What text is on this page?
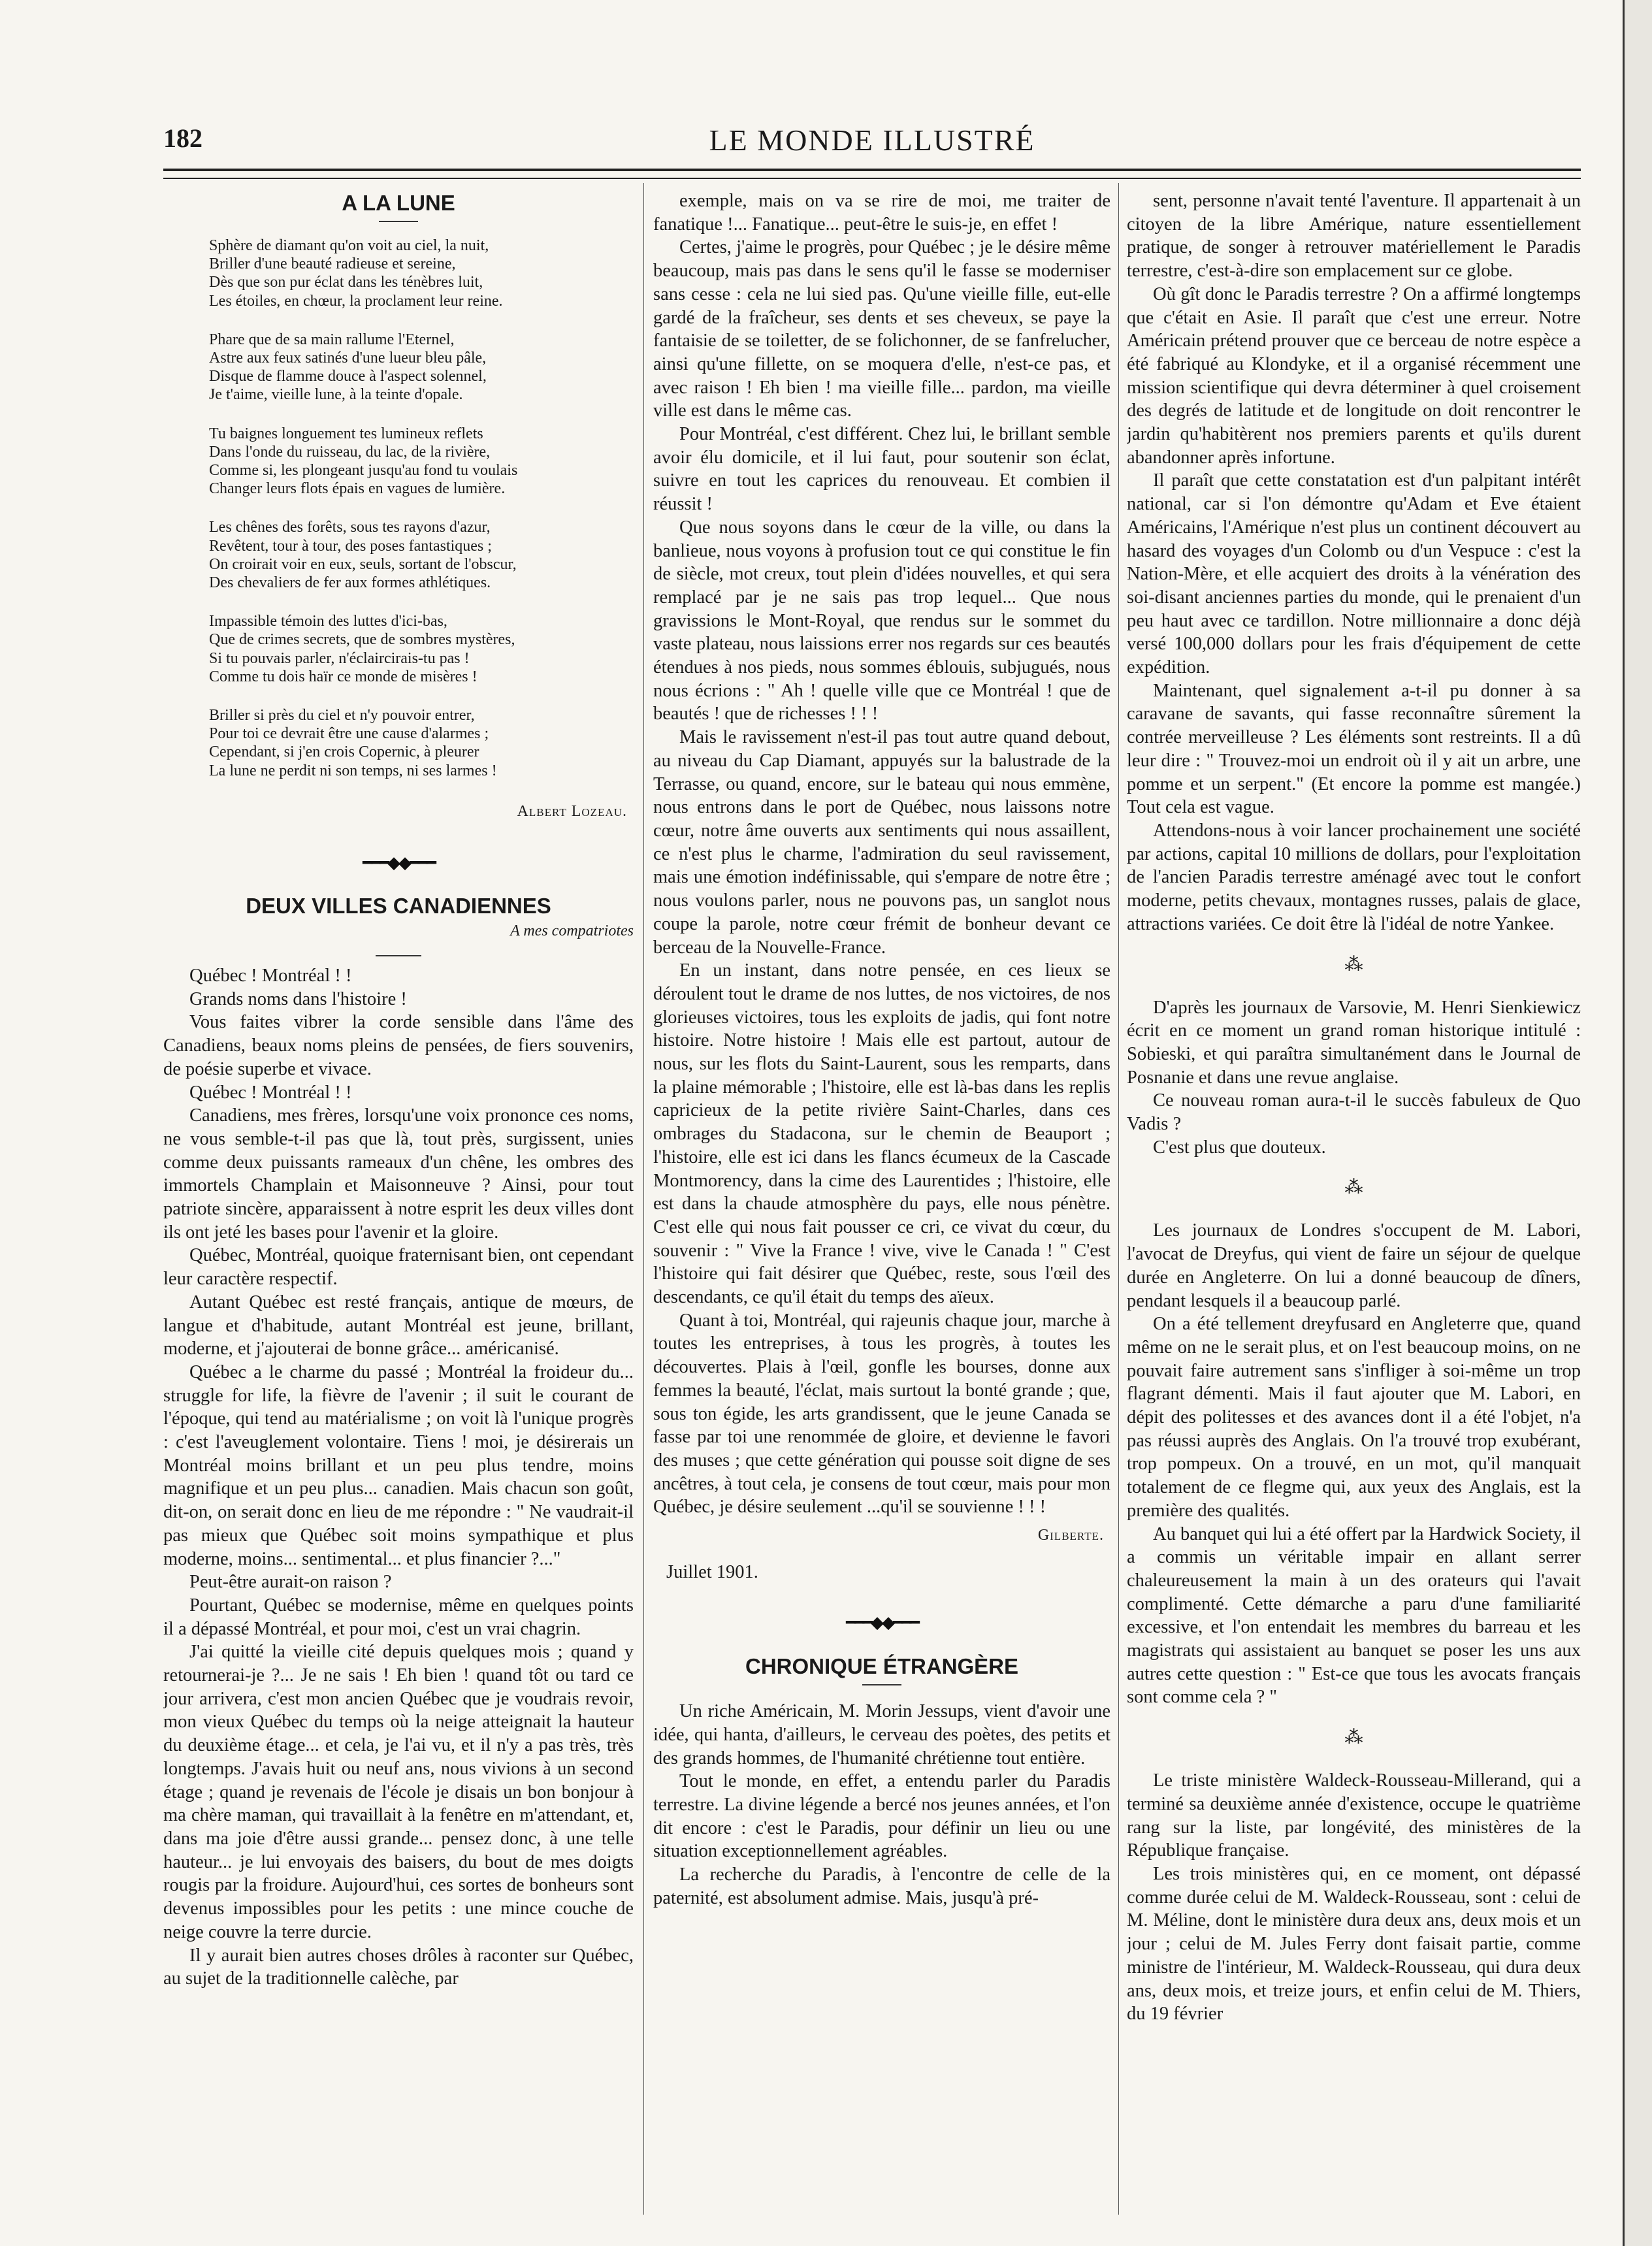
182	LE MONDE ILLUSTRÉ
A LA LUNE
Sphère de diamant qu'on voit au ciel, la nuit,
Briller d'une beauté radieuse et sereine,
Dès que son pur éclat dans les ténèbres luit,
Les étoiles, en chœur, la proclament leur reine.
Phare que de sa main rallume l'Eternel,
Astre aux feux satinés d'une lueur bleu pâle,
Disque de flamme douce à l'aspect solennel,
Je t'aime, vieille lune, à la teinte d'opale.
Tu baignes longuement tes lumineux reflets
Dans l'onde du ruisseau, du lac, de la rivière,
Comme si, les plongeant jusqu'au fond tu voulais
Changer leurs flots épais en vagues de lumière.
Les chênes des forêts, sous tes rayons d'azur,
Revêtent, tour à tour, des poses fantastiques ;
On croirait voir en eux, seuls, sortant de l'obscur,
Des chevaliers de fer aux formes athlétiques.
Impassible témoin des luttes d'ici-bas,
Que de crimes secrets, que de sombres mystères,
Si tu pouvais parler, n'éclaircirais-tu pas !
Comme tu dois haïr ce monde de misères !
Briller si près du ciel et n'y pouvoir entrer,
Pour toi ce devrait être une cause d'alarmes ;
Cependant, si j'en crois Copernic, à pleurer
La lune ne perdit ni son temps, ni ses larmes !
Albert Lozeau.
━━━◆◆━━━
DEUX VILLES CANADIENNES
A mes compatriotes

Québec ! Montréal ! !

Grands noms dans l'histoire !

Vous faites vibrer la corde sensible dans l'âme des Canadiens, beaux noms pleins de pensées, de fiers souvenirs, de poésie superbe et vivace.

Québec ! Montréal ! !

Canadiens, mes frères, lorsqu'une voix prononce ces noms, ne vous semble-t-il pas que là, tout près, surgissent, unies comme deux puissants rameaux d'un chêne, les ombres des immortels Champlain et Maisonneuve ? Ainsi, pour tout patriote sincère, apparaissent à notre esprit les deux villes dont ils ont jeté les bases pour l'avenir et la gloire.

Québec, Montréal, quoique fraternisant bien, ont cependant leur caractère respectif.

Autant Québec est resté français, antique de mœurs, de langue et d'habitude, autant Montréal est jeune, brillant, moderne, et j'ajouterai de bonne grâce... américanisé.

Québec a le charme du passé ; Montréal la froideur du... struggle for life, la fièvre de l'avenir ; il suit le courant de l'époque, qui tend au matérialisme ; on voit là l'unique progrès : c'est l'aveuglement volontaire. Tiens ! moi, je désirerais un Montréal moins brillant et un peu plus tendre, moins magnifique et un peu plus... canadien. Mais chacun son goût, dit-on, on serait donc en lieu de me répondre : " Ne vaudrait-il pas mieux que Québec soit moins sympathique et plus moderne, moins... sentimental... et plus financier ?..."

Peut-être aurait-on raison ?

Pourtant, Québec se modernise, même en quelques points il a dépassé Montréal, et pour moi, c'est un vrai chagrin.

J'ai quitté la vieille cité depuis quelques mois ; quand y retournerai-je ?... Je ne sais ! Eh bien ! quand tôt ou tard ce jour arrivera, c'est mon ancien Québec que je voudrais revoir, mon vieux Québec du temps où la neige atteignait la hauteur du deuxième étage... et cela, je l'ai vu, et il n'y a pas très, très longtemps. J'avais huit ou neuf ans, nous vivions à un second étage ; quand je revenais de l'école je disais un bon bonjour à ma chère maman, qui travaillait à la fenêtre en m'attendant, et, dans ma joie d'être aussi grande... pensez donc, à une telle hauteur... je lui envoyais des baisers, du bout de mes doigts rougis par la froidure. Aujourd'hui, ces sortes de bonheurs sont devenus impossibles pour les petits : une mince couche de neige couvre la terre durcie.

Il y aurait bien autres choses drôles à raconter sur Québec, au sujet de la traditionnelle calèche, par

exemple, mais on va se rire de moi, me traiter de fanatique !... Fanatique... peut-être le suis-je, en effet !

Certes, j'aime le progrès, pour Québec ; je le désire même beaucoup, mais pas dans le sens qu'il le fasse se moderniser sans cesse : cela ne lui sied pas. Qu'une vieille fille, eut-elle gardé de la fraîcheur, ses dents et ses cheveux, se paye la fantaisie de se toiletter, de se folichonner, de se fanfrelucher, ainsi qu'une fillette, on se moquera d'elle, n'est-ce pas, et avec raison ! Eh bien ! ma vieille fille... pardon, ma vieille ville est dans le même cas.

Pour Montréal, c'est différent. Chez lui, le brillant semble avoir élu domicile, et il lui faut, pour soutenir son éclat, suivre en tout les caprices du renouveau. Et combien il réussit !

Que nous soyons dans le cœur de la ville, ou dans la banlieue, nous voyons à profusion tout ce qui constitue le fin de siècle, mot creux, tout plein d'idées nouvelles, et qui sera remplacé par je ne sais pas trop lequel... Que nous gravissions le Mont-Royal, que rendus sur le sommet du vaste plateau, nous laissions errer nos regards sur ces beautés étendues à nos pieds, nous sommes éblouis, subjugués, nous nous écrions : " Ah ! quelle ville que ce Montréal ! que de beautés ! que de richesses ! ! !

Mais le ravissement n'est-il pas tout autre quand debout, au niveau du Cap Diamant, appuyés sur la balustrade de la Terrasse, ou quand, encore, sur le bateau qui nous emmène, nous entrons dans le port de Québec, nous laissons notre cœur, notre âme ouverts aux sentiments qui nous assaillent, ce n'est plus le charme, l'admiration du seul ravissement, mais une émotion indéfinissable, qui s'empare de notre être ; nous voulons parler, nous ne pouvons pas, un sanglot nous coupe la parole, notre cœur frémit de bonheur devant ce berceau de la Nouvelle-France.

En un instant, dans notre pensée, en ces lieux se déroulent tout le drame de nos luttes, de nos victoires, de nos glorieuses victoires, tous les exploits de jadis, qui font notre histoire. Notre histoire ! Mais elle est partout, autour de nous, sur les flots du Saint-Laurent, sous les remparts, dans la plaine mémorable ; l'histoire, elle est là-bas dans les replis capricieux de la petite rivière Saint-Charles, dans ces ombrages du Stadacona, sur le chemin de Beauport ; l'histoire, elle est ici dans les flancs écumeux de la Cascade Montmorency, dans la cime des Laurentides ; l'histoire, elle est dans la chaude atmosphère du pays, elle nous pénètre. C'est elle qui nous fait pousser ce cri, ce vivat du cœur, du souvenir : " Vive la France ! vive, vive le Canada ! " C'est l'histoire qui fait désirer que Québec, reste, sous l'œil des descendants, ce qu'il était du temps des aïeux.

Quant à toi, Montréal, qui rajeunis chaque jour, marche à toutes les entreprises, à tous les progrès, à toutes les découvertes. Plais à l'œil, gonfle les bourses, donne aux femmes la beauté, l'éclat, mais surtout la bonté grande ; que, sous ton égide, les arts grandissent, que le jeune Canada se fasse par toi une renommée de gloire, et devienne le favori des muses ; que cette génération qui pousse soit digne de ses ancêtres, à tout cela, je consens de tout cœur, mais pour mon Québec, je désire seulement ...qu'il se souvienne ! ! !

Gilberte.

Juillet 1901.

━━━◆◆━━━
CHRONIQUE ÉTRANGÈRE

Un riche Américain, M. Morin Jessups, vient d'avoir une idée, qui hanta, d'ailleurs, le cerveau des poètes, des petits et des grands hommes, de l'humanité chrétienne tout entière.

Tout le monde, en effet, a entendu parler du Paradis terrestre. La divine légende a bercé nos jeunes années, et l'on dit encore : c'est le Paradis, pour définir un lieu ou une situation exceptionnellement agréables.

La recherche du Paradis, à l'encontre de celle de la paternité, est absolument admise. Mais, jusqu'à pré-

sent, personne n'avait tenté l'aventure. Il appartenait à un citoyen de la libre Amérique, nature essentiellement pratique, de songer à retrouver matériellement le Paradis terrestre, c'est-à-dire son emplacement sur ce globe.

Où gît donc le Paradis terrestre ? On a affirmé longtemps que c'était en Asie. Il paraît que c'est une erreur. Notre Américain prétend prouver que ce berceau de notre espèce a été fabriqué au Klondyke, et il a organisé récemment une mission scientifique qui devra déterminer à quel croisement des degrés de latitude et de longitude on doit rencontrer le jardin qu'habitèrent nos premiers parents et qu'ils durent abandonner après infortune.

Il paraît que cette constatation est d'un palpitant intérêt national, car si l'on démontre qu'Adam et Eve étaient Américains, l'Amérique n'est plus un continent découvert au hasard des voyages d'un Colomb ou d'un Vespuce : c'est la Nation-Mère, et elle acquiert des droits à la vénération des soi-disant anciennes parties du monde, qui le prenaient d'un peu haut avec ce tardillon. Notre millionnaire a donc déjà versé 100,000 dollars pour les frais d'équipement de cette expédition.

Maintenant, quel signalement a-t-il pu donner à sa caravane de savants, qui fasse reconnaître sûrement la contrée merveilleuse ? Les éléments sont restreints. Il a dû leur dire : " Trouvez-moi un endroit où il y ait un arbre, une pomme et un serpent." (Et encore la pomme est mangée.) Tout cela est vague.

Attendons-nous à voir lancer prochainement une société par actions, capital 10 millions de dollars, pour l'exploitation de l'ancien Paradis terrestre aménagé avec tout le confort moderne, petits chevaux, montagnes russes, palais de glace, attractions variées. Ce doit être là l'idéal de notre Yankee.

⁂

D'après les journaux de Varsovie, M. Henri Sienkiewicz écrit en ce moment un grand roman historique intitulé : Sobieski, et qui paraîtra simultanément dans le Journal de Posnanie et dans une revue anglaise.

Ce nouveau roman aura-t-il le succès fabuleux de Quo Vadis ?

C'est plus que douteux.

⁂

Les journaux de Londres s'occupent de M. Labori, l'avocat de Dreyfus, qui vient de faire un séjour de quelque durée en Angleterre. On lui a donné beaucoup de dîners, pendant lesquels il a beaucoup parlé.

On a été tellement dreyfusard en Angleterre que, quand même on ne le serait plus, et on l'est beaucoup moins, on ne pouvait faire autrement sans s'infliger à soi-même un trop flagrant démenti. Mais il faut ajouter que M. Labori, en dépit des politesses et des avances dont il a été l'objet, n'a pas réussi auprès des Anglais. On l'a trouvé trop exubérant, trop pompeux. On a trouvé, en un mot, qu'il manquait totalement de ce flegme qui, aux yeux des Anglais, est la première des qualités.

Au banquet qui lui a été offert par la Hardwick Society, il a commis un véritable impair en allant serrer chaleureusement la main à un des orateurs qui l'avait complimenté. Cette démarche a paru d'une familiarité excessive, et l'on entendait les membres du barreau et les magistrats qui assistaient au banquet se poser les uns aux autres cette question : " Est-ce que tous les avocats français sont comme cela ? "

⁂

Le triste ministère Waldeck-Rousseau-Millerand, qui a terminé sa deuxième année d'existence, occupe le quatrième rang sur la liste, par longévité, des ministères de la République française.

Les trois ministères qui, en ce moment, ont dépassé comme durée celui de M. Waldeck-Rousseau, sont : celui de M. Méline, dont le ministère dura deux ans, deux mois et un jour ; celui de M. Jules Ferry dont faisait partie, comme ministre de l'intérieur, M. Waldeck-Rousseau, qui dura deux ans, deux mois, et treize jours, et enfin celui de M. Thiers, du 19 février
